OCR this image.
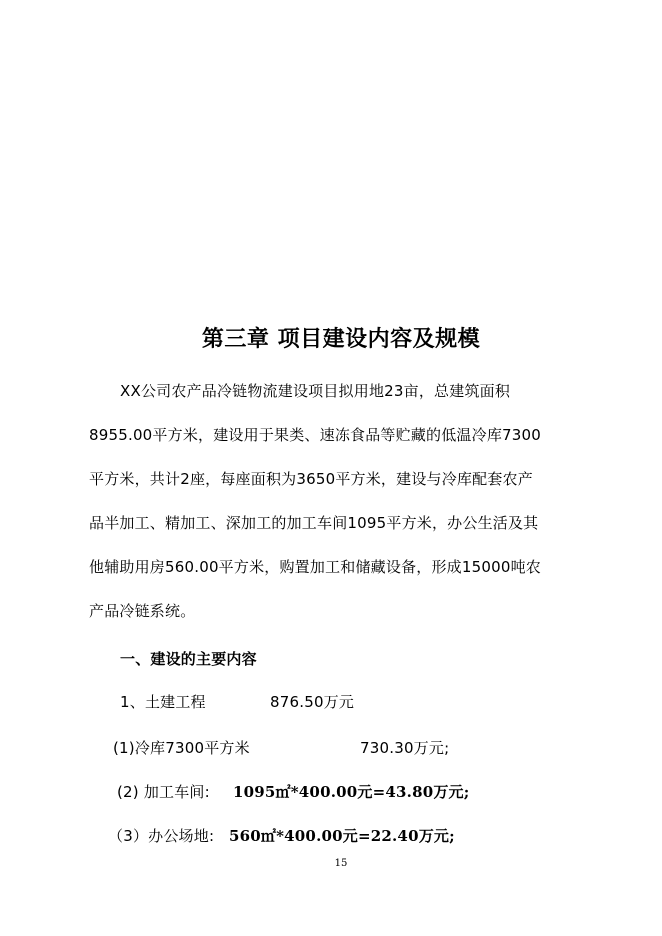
第三章 项目建设内容及规模
XX公司农产品冷链物流建设项目拟用地23亩，总建筑面积
8955.00平方米，建设用于果类、速冻食品等贮藏的低温冷库7300
平方米，共计2座，每座面积为3650平方米，建设与冷库配套农产
品半加工、精加工、深加工的加工车间1095平方米，办公生活及其
他辅助用房560.00平方米，购置加工和储藏设备，形成15000吨农
产品冷链系统。
一、建设的主要内容
1、土建工程	876.50万元
(1)冷库7300平方米	730.30万元;
(2) 加工车间: 1095㎡*400.00元=43.80万元;
（3）办公场地: 560㎡*400.00元=22.40万元;
15
